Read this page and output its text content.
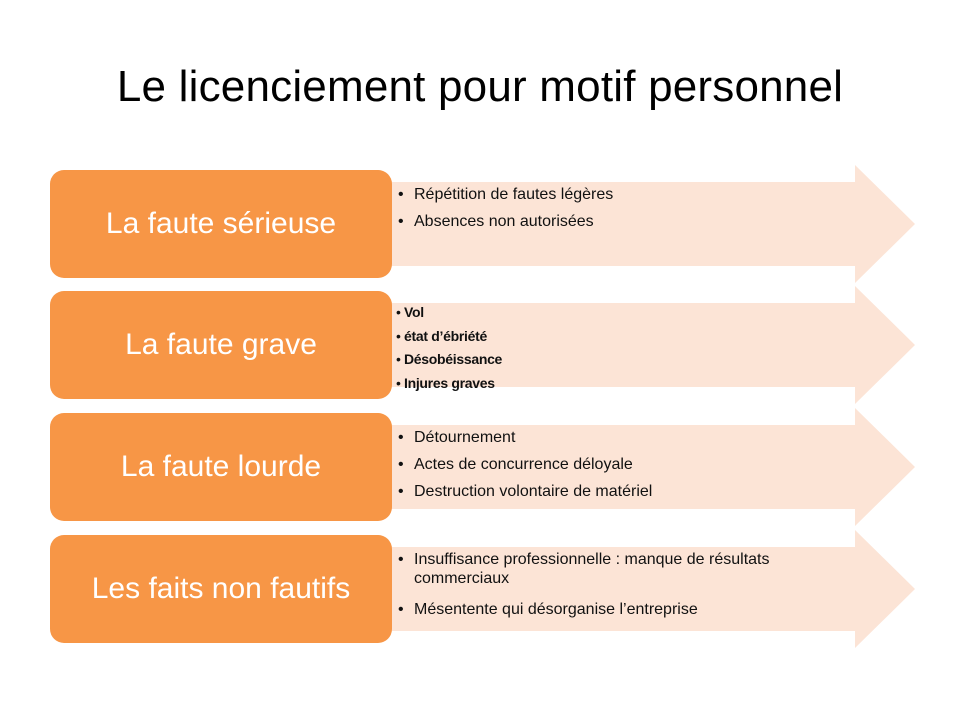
Le licenciement pour motif personnel
La faute sérieuse
• Répétition de fautes légères
• Absences non autorisées
La faute grave
• Vol
• état d’ébriété
• Désobéissance
• Injures graves
La faute lourde
• Détournement
• Actes de concurrence déloyale
• Destruction volontaire de matériel
Les faits non fautifs
• Insuffisance professionnelle : manque de résultats commerciaux
• Mésentente qui désorganise l’entreprise
